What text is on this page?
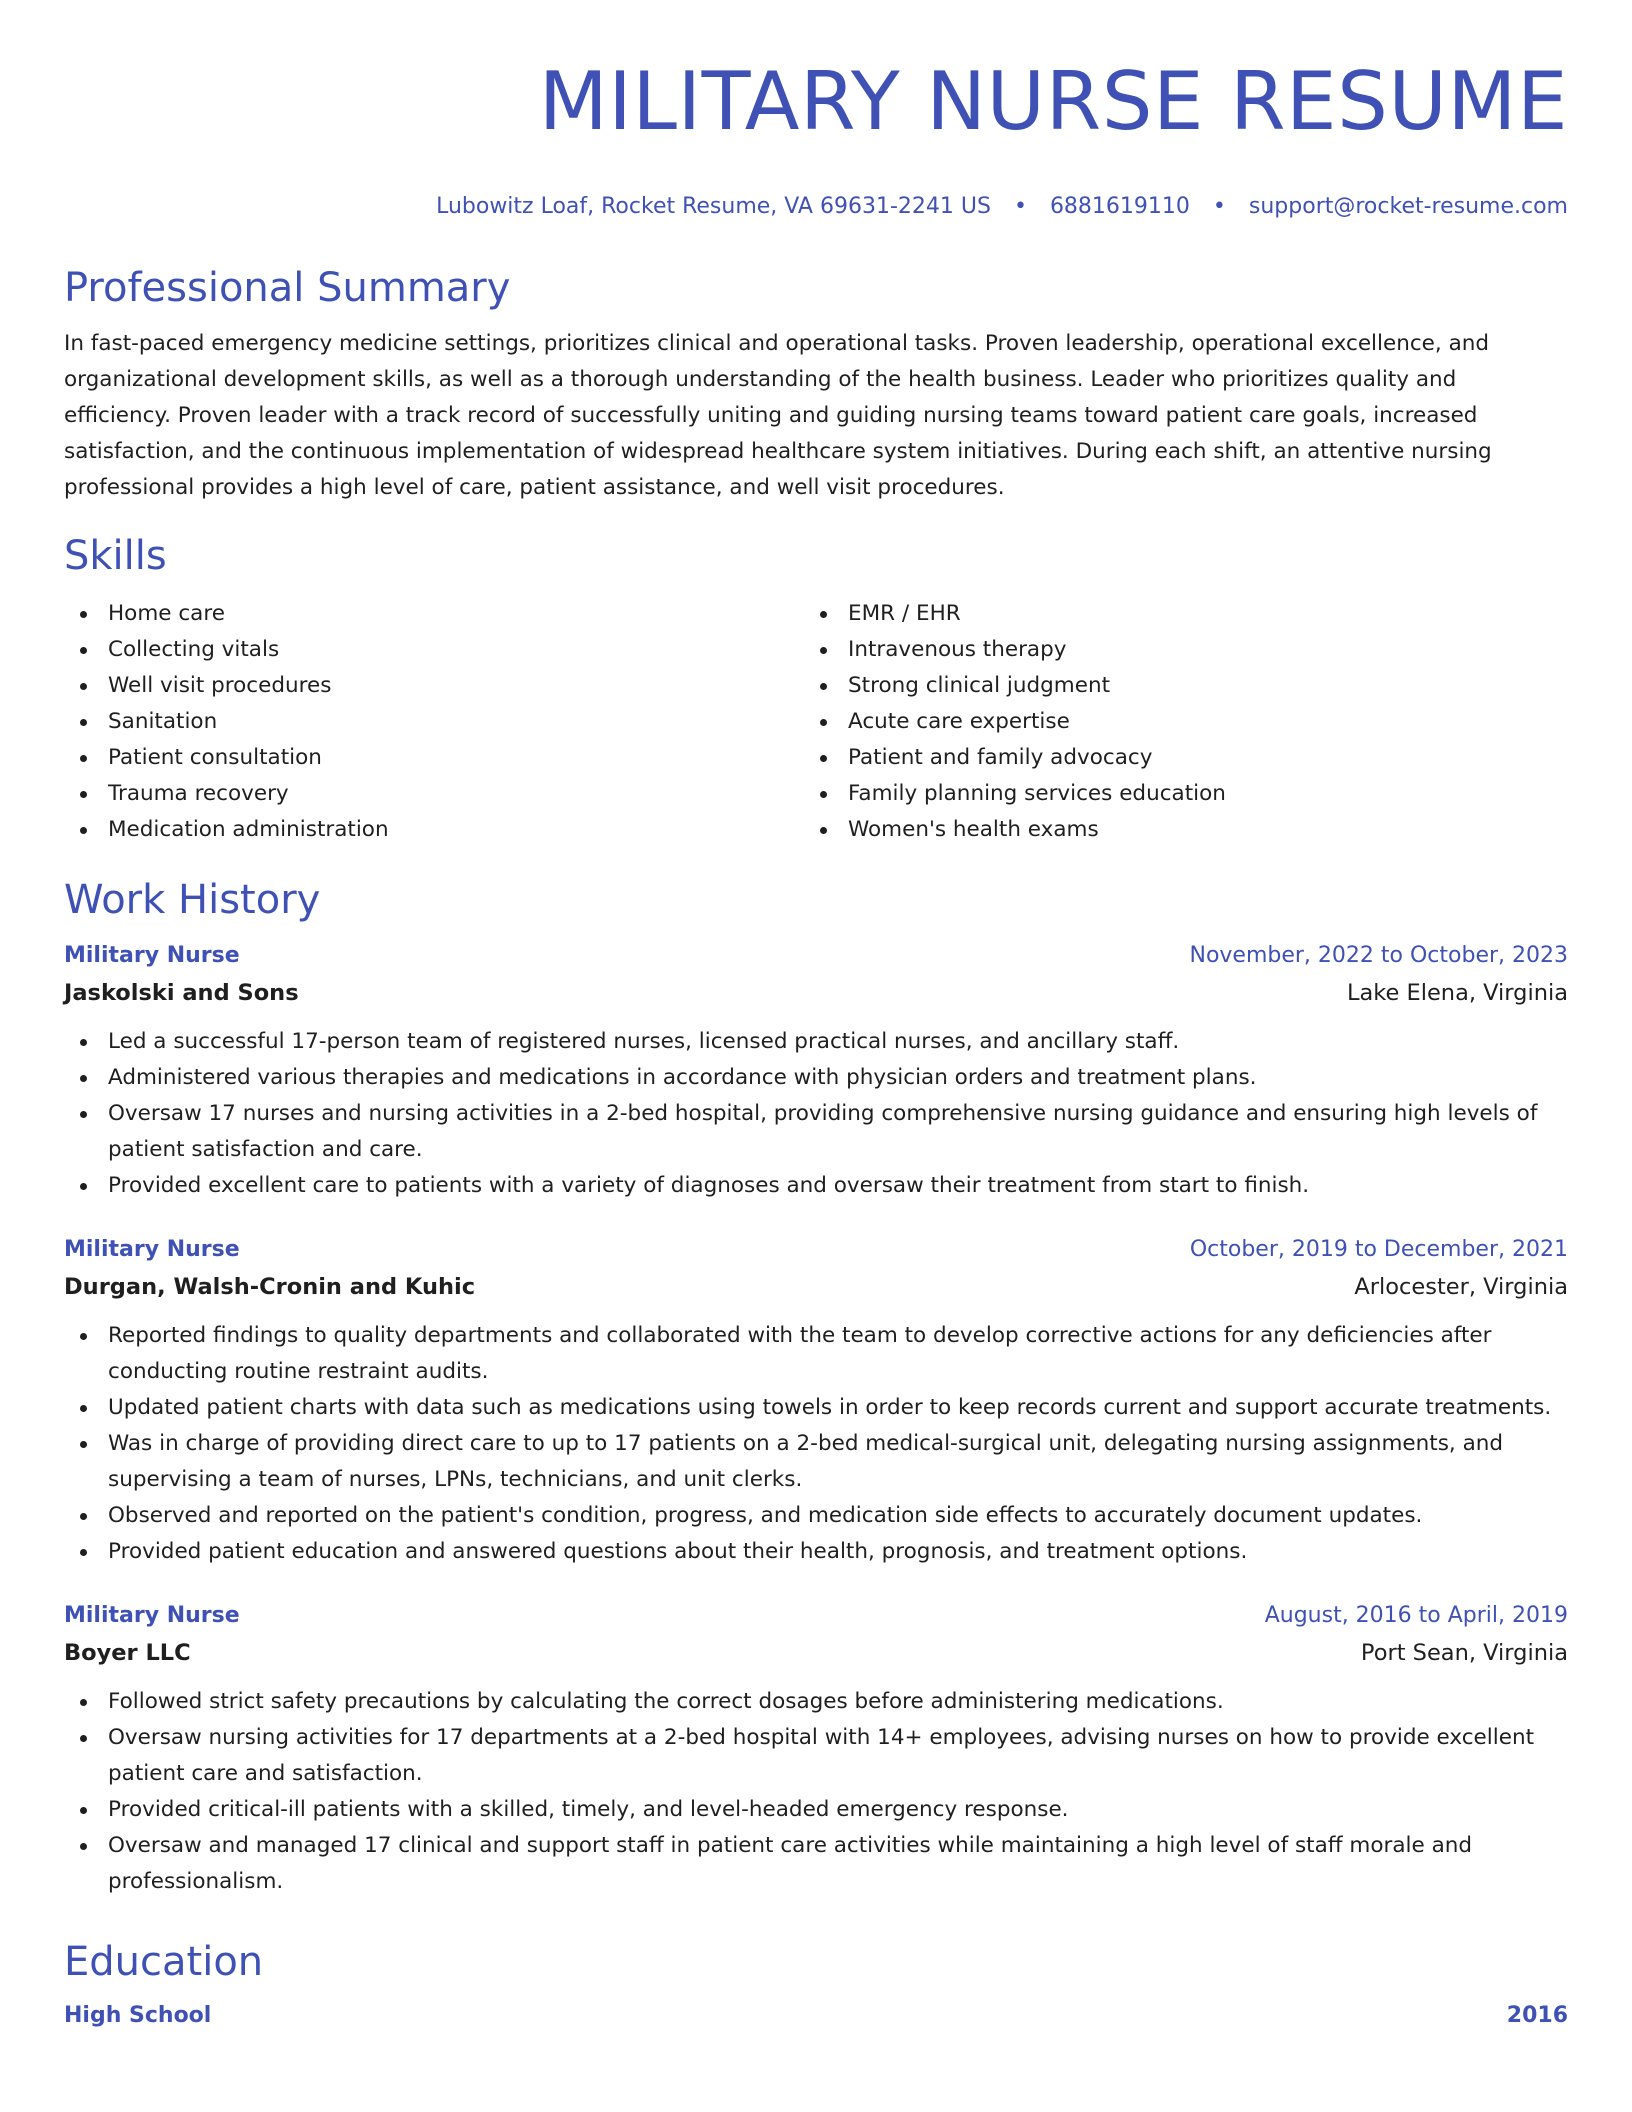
MILITARY NURSE RESUME
Lubowitz Loaf, Rocket Resume, VA 69631-2241 US • 6881619110 • support@rocket-resume.com
Professional Summary
In fast-paced emergency medicine settings, prioritizes clinical and operational tasks. Proven leadership, operational excellence, and organizational development skills, as well as a thorough understanding of the health business. Leader who prioritizes quality and efficiency. Proven leader with a track record of successfully uniting and guiding nursing teams toward patient care goals, increased satisfaction, and the continuous implementation of widespread healthcare system initiatives. During each shift, an attentive nursing professional provides a high level of care, patient assistance, and well visit procedures.
Skills
Home care
Collecting vitals
Well visit procedures
Sanitation
Patient consultation
Trauma recovery
Medication administration
EMR / EHR
Intravenous therapy
Strong clinical judgment
Acute care expertise
Patient and family advocacy
Family planning services education
Women's health exams
Work History
Military Nurse	November, 2022 to October, 2023
Jaskolski and Sons	Lake Elena, Virginia
Led a successful 17-person team of registered nurses, licensed practical nurses, and ancillary staff.
Administered various therapies and medications in accordance with physician orders and treatment plans.
Oversaw 17 nurses and nursing activities in a 2-bed hospital, providing comprehensive nursing guidance and ensuring high levels of patient satisfaction and care.
Provided excellent care to patients with a variety of diagnoses and oversaw their treatment from start to finish.
Military Nurse	October, 2019 to December, 2021
Durgan, Walsh-Cronin and Kuhic	Arlocester, Virginia
Reported findings to quality departments and collaborated with the team to develop corrective actions for any deficiencies after conducting routine restraint audits.
Updated patient charts with data such as medications using towels in order to keep records current and support accurate treatments.
Was in charge of providing direct care to up to 17 patients on a 2-bed medical-surgical unit, delegating nursing assignments, and supervising a team of nurses, LPNs, technicians, and unit clerks.
Observed and reported on the patient's condition, progress, and medication side effects to accurately document updates.
Provided patient education and answered questions about their health, prognosis, and treatment options.
Military Nurse	August, 2016 to April, 2019
Boyer LLC	Port Sean, Virginia
Followed strict safety precautions by calculating the correct dosages before administering medications.
Oversaw nursing activities for 17 departments at a 2-bed hospital with 14+ employees, advising nurses on how to provide excellent patient care and satisfaction.
Provided critical-ill patients with a skilled, timely, and level-headed emergency response.
Oversaw and managed 17 clinical and support staff in patient care activities while maintaining a high level of staff morale and professionalism.
Education
High School	2016
